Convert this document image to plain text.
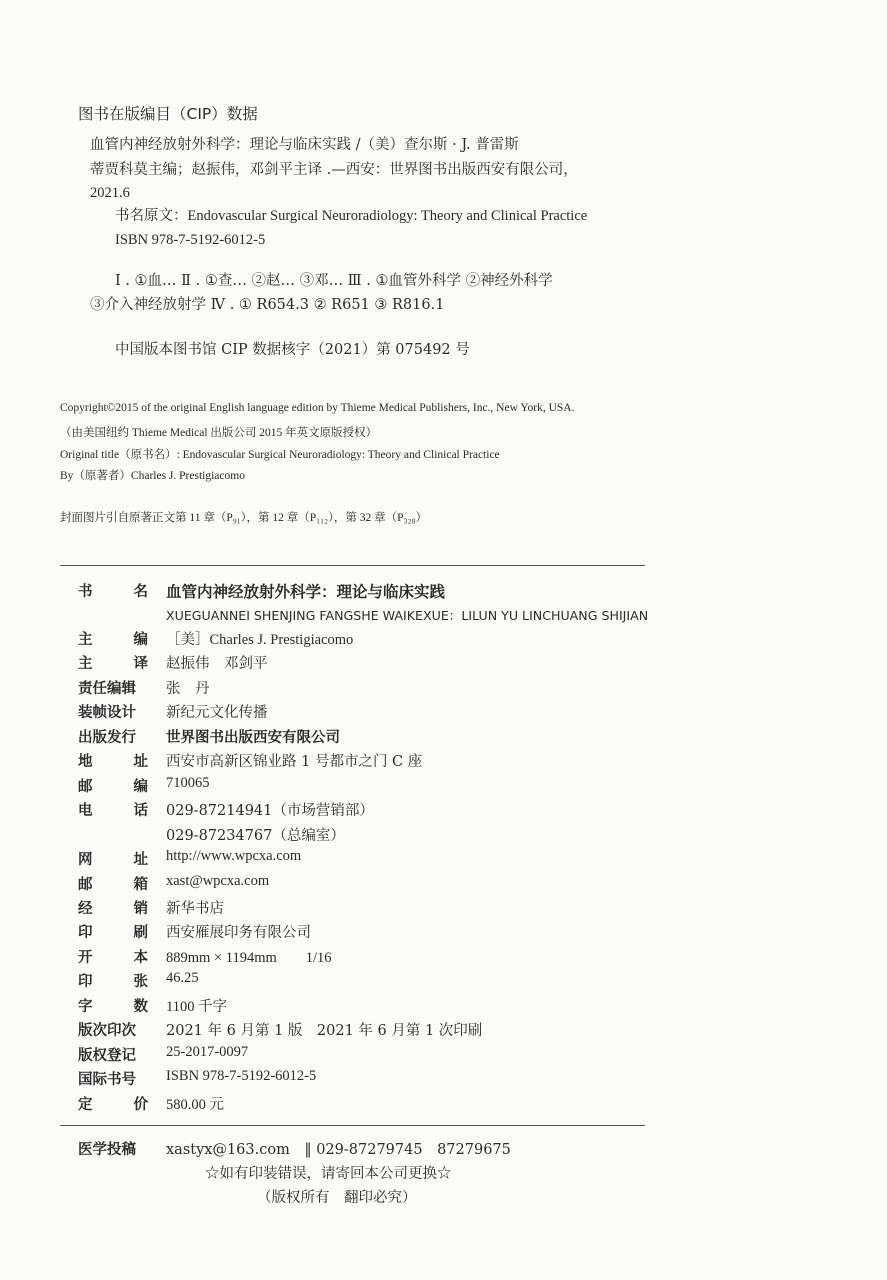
图书在版编目（CIP）数据
血管内神经放射外科学：理论与临床实践 /（美）查尔斯 · J. 普雷斯
蒂贾科莫主编；赵振伟，邓剑平主译 .—西安：世界图书出版西安有限公司，
2021.6
书名原文：Endovascular Surgical Neuroradiology: Theory and Clinical Practice
ISBN 978-7-5192-6012-5
Ⅰ . ①血… Ⅱ . ①查… ②赵… ③邓… Ⅲ . ①血管外科学 ②神经外科学
③介入神经放射学 Ⅳ . ① R654.3 ② R651 ③ R816.1
中国版本图书馆 CIP 数据核字（2021）第 075492 号
Copyright©2015 of the original English language edition by Thieme Medical Publishers, Inc., New York, USA.
（由美国纽约 Thieme Medical 出版公司 2015 年英文原版授权）
Original title（原书名）: Endovascular Surgical Neuroradiology: Theory and Clinical Practice
By（原著者）Charles J. Prestigiacomo
封面图片引自原著正文第 11 章（P₉₁），第 12 章（P₁₁₂），第 32 章（P₃₂₈）
书	名 血管内神经放射外科学：理论与临床实践
XUEGUANNEI SHENJING FANGSHE WAIKEXUE：LILUN YU LINCHUANG SHIJIAN
主	编 ［美］Charles J. Prestigiacomo
主	译 赵振伟　邓剑平
责任编辑	张　丹
装帧设计	新纪元文化传播
出版发行	世界图书出版西安有限公司
地	址 西安市高新区锦业路 1 号都市之门 C 座
邮	编 710065
电	话 029-87214941（市场营销部）
029-87234767（总编室）
网	址 http://www.wpcxa.com
邮	箱 xast@wpcxa.com
经	销 新华书店
印	刷 西安雁展印务有限公司
开	本 889mm × 1194mm　　1/16
印	张 46.25
字	数 1100 千字
版次印次	2021 年 6 月第 1 版　2021 年 6 月第 1 次印刷
版权登记	25-2017-0097
国际书号	ISBN 978-7-5192-6012-5
定	价 580.00 元
医学投稿	xastyx@163.com　‖ 029-87279745　87279675
☆如有印装错误，请寄回本公司更换☆
（版权所有　翻印必究）
